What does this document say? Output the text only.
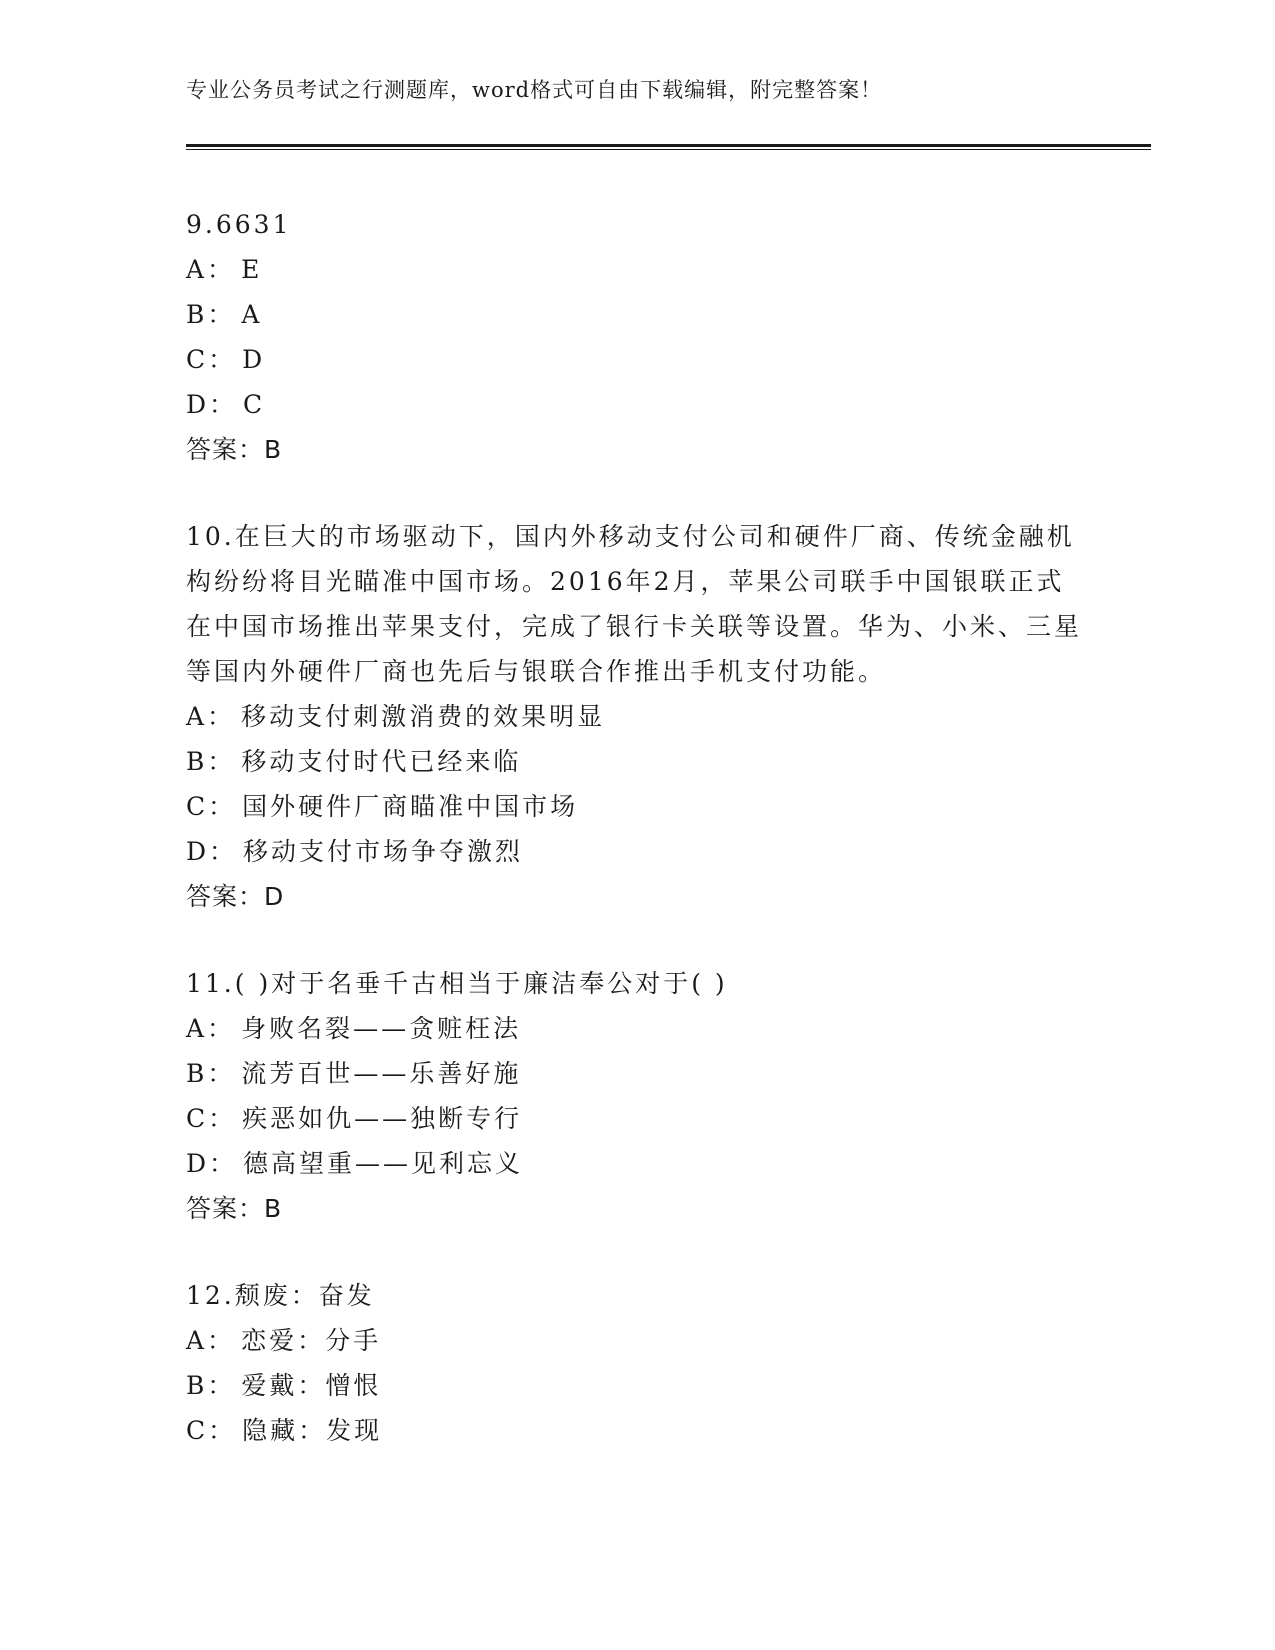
专业公务员考试之行测题库，word格式可自由下载编辑，附完整答案！
9.6631
A： E
B： A
C： D
D： C
答案：B
10.在巨大的市场驱动下，国内外移动支付公司和硬件厂商、传统金融机构纷纷将目光瞄准中国市场。2016年2月，苹果公司联手中国银联正式在中国市场推出苹果支付，完成了银行卡关联等设置。华为、小米、三星等国内外硬件厂商也先后与银联合作推出手机支付功能。
A： 移动支付刺激消费的效果明显
B： 移动支付时代已经来临
C： 国外硬件厂商瞄准中国市场
D： 移动支付市场争夺激烈
答案：D
11.( )对于名垂千古相当于廉洁奉公对于( )
A： 身败名裂——贪赃枉法
B： 流芳百世——乐善好施
C： 疾恶如仇——独断专行
D： 德高望重——见利忘义
答案：B
12.颓废：奋发
A： 恋爱：分手
B： 爱戴：憎恨
C： 隐藏：发现
